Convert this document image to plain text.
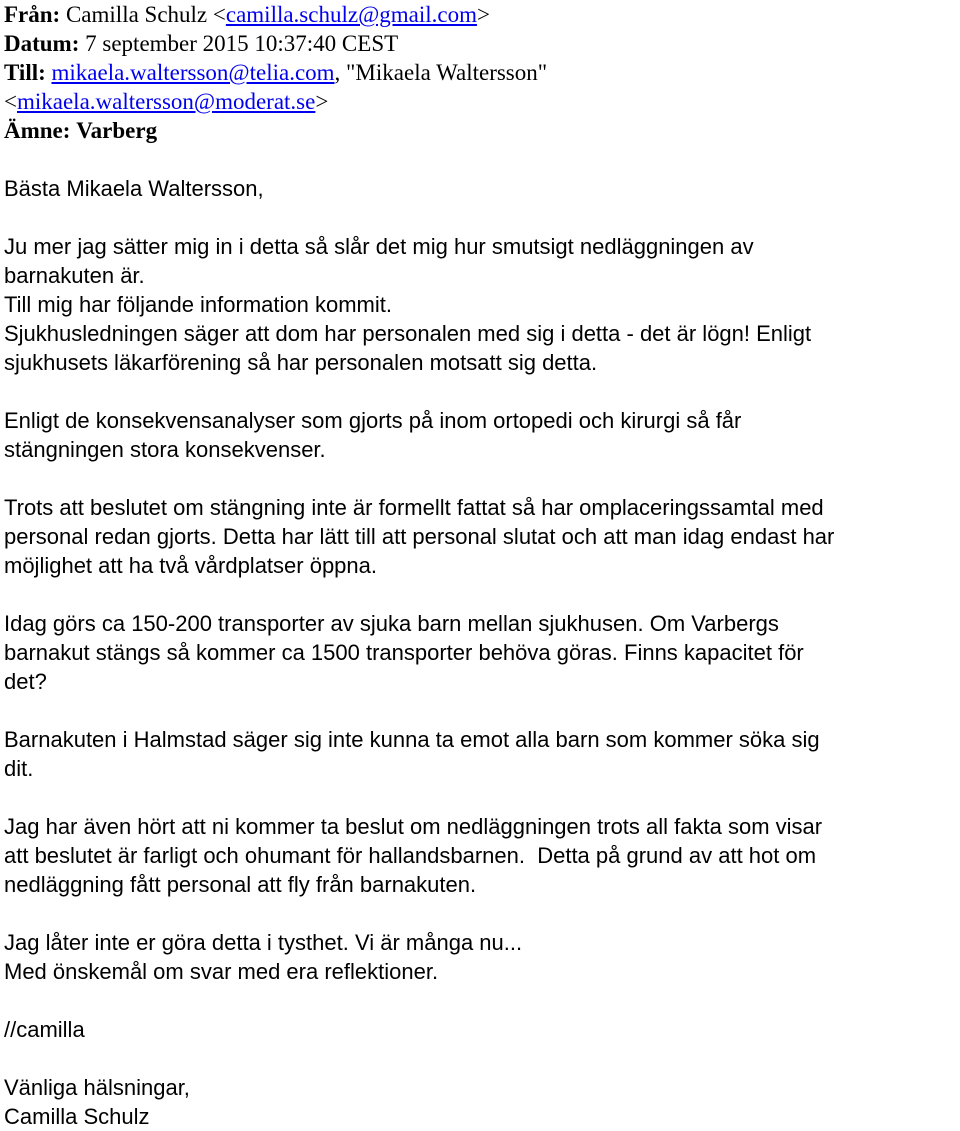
Från: Camilla Schulz <camilla.schulz@gmail.com>
Datum: 7 september 2015 10:37:40 CEST
Till: mikaela.waltersson@telia.com, "Mikaela Waltersson"
<mikaela.waltersson@moderat.se>
Ämne: Varberg
Bästa Mikaela Waltersson,
Ju mer jag sätter mig in i detta så slår det mig hur smutsigt nedläggningen av
barnakuten är.
Till mig har följande information kommit.
Sjukhusledningen säger att dom har personalen med sig i detta - det är lögn! Enligt
sjukhusets läkarförening så har personalen motsatt sig detta.
Enligt de konsekvensanalyser som gjorts på inom ortopedi och kirurgi så får
stängningen stora konsekvenser.
Trots att beslutet om stängning inte är formellt fattat så har omplaceringssamtal med
personal redan gjorts. Detta har lätt till att personal slutat och att man idag endast har
möjlighet att ha två vårdplatser öppna.
Idag görs ca 150-200 transporter av sjuka barn mellan sjukhusen. Om Varbergs
barnakut stängs så kommer ca 1500 transporter behöva göras. Finns kapacitet för
det?
Barnakuten i Halmstad säger sig inte kunna ta emot alla barn som kommer söka sig
dit.
Jag har även hört att ni kommer ta beslut om nedläggningen trots all fakta som visar
att beslutet är farligt och ohumant för hallandsbarnen.  Detta på grund av att hot om
nedläggning fått personal att fly från barnakuten.
Jag låter inte er göra detta i tysthet. Vi är många nu...
Med önskemål om svar med era reflektioner.
//camilla
Vänliga hälsningar,
Camilla Schulz
